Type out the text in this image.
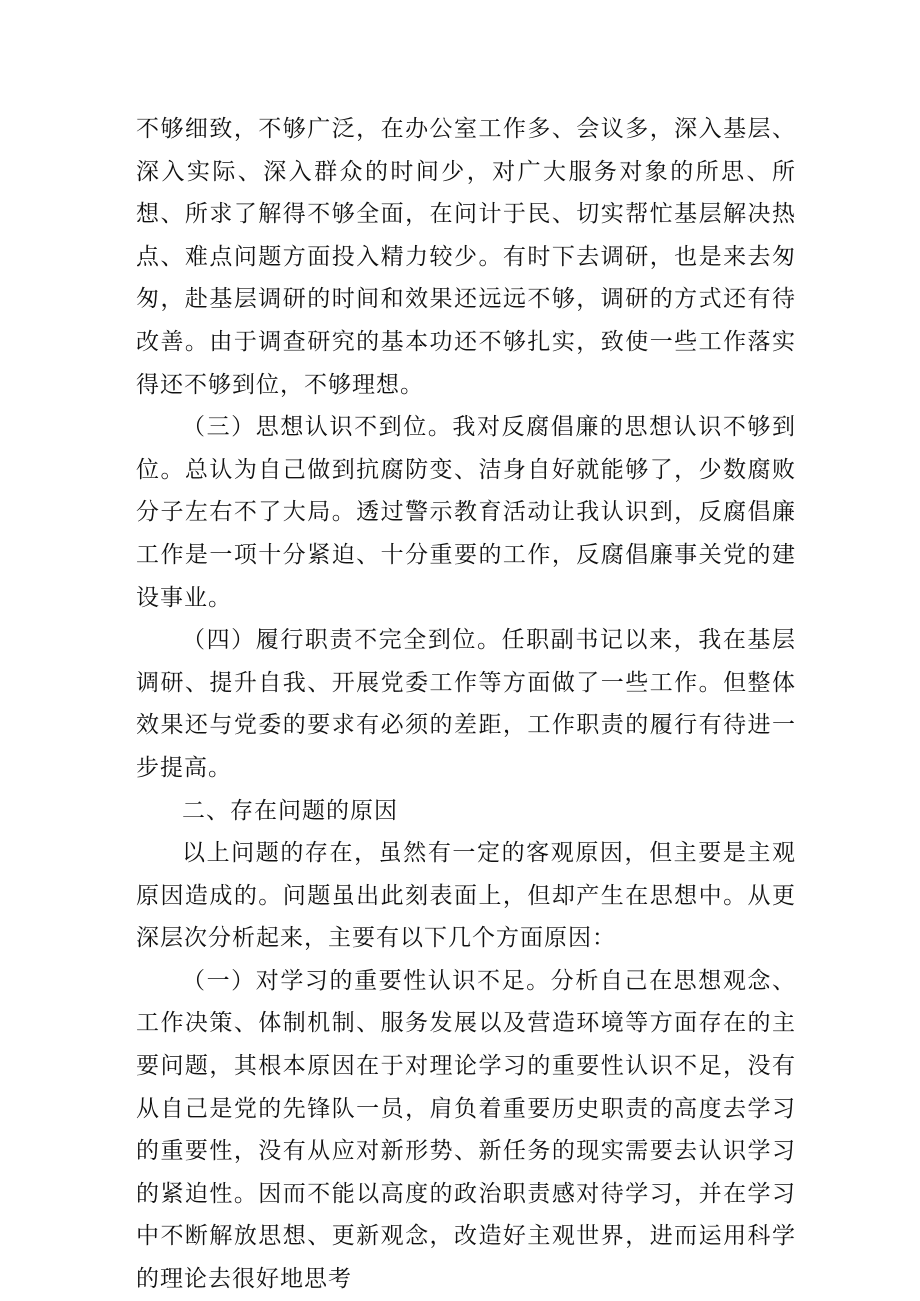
不够细致，不够广泛，在办公室工作多、会议多，深入基层、深入实际、深入群众的时间少，对广大服务对象的所思、所想、所求了解得不够全面，在问计于民、切实帮忙基层解决热点、难点问题方面投入精力较少。有时下去调研，也是来去匆匆，赴基层调研的时间和效果还远远不够，调研的方式还有待改善。由于调查研究的基本功还不够扎实，致使一些工作落实得还不够到位，不够理想。

（三）思想认识不到位。我对反腐倡廉的思想认识不够到位。总认为自己做到抗腐防变、洁身自好就能够了，少数腐败分子左右不了大局。透过警示教育活动让我认识到，反腐倡廉工作是一项十分紧迫、十分重要的工作，反腐倡廉事关党的建设事业。

（四）履行职责不完全到位。任职副书记以来，我在基层调研、提升自我、开展党委工作等方面做了一些工作。但整体效果还与党委的要求有必须的差距，工作职责的履行有待进一步提高。

二、存在问题的原因

以上问题的存在，虽然有一定的客观原因，但主要是主观原因造成的。问题虽出此刻表面上，但却产生在思想中。从更深层次分析起来，主要有以下几个方面原因：

（一）对学习的重要性认识不足。分析自己在思想观念、工作决策、体制机制、服务发展以及营造环境等方面存在的主要问题，其根本原因在于对理论学习的重要性认识不足，没有从自己是党的先锋队一员，肩负着重要历史职责的高度去学习的重要性，没有从应对新形势、新任务的现实需要去认识学习的紧迫性。因而不能以高度的政治职责感对待学习，并在学习中不断解放思想、更新观念，改造好主观世界，进而运用科学的理论去很好地思考
